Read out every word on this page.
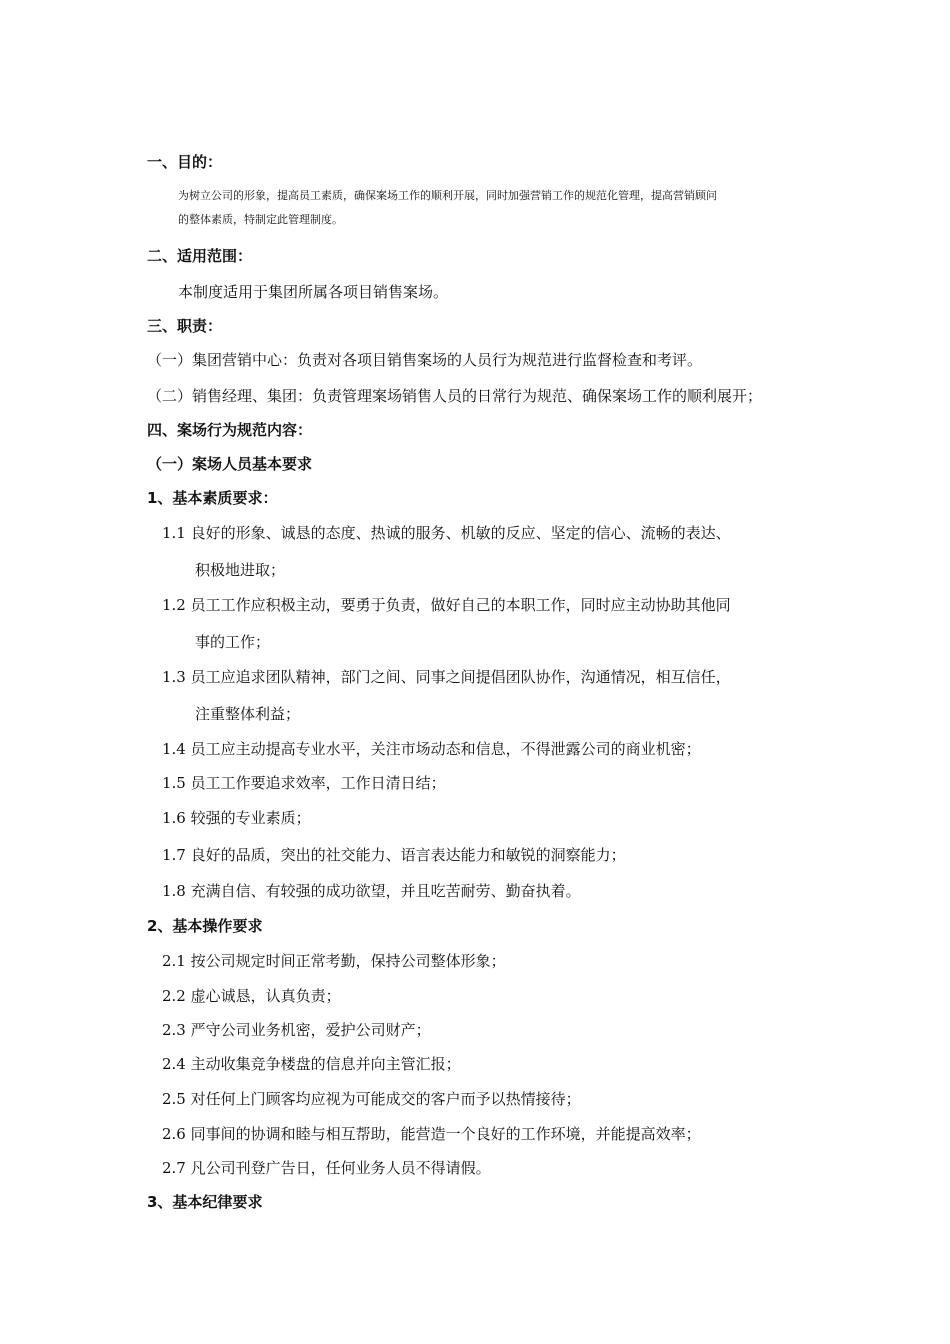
一、目的：
为树立公司的形象，提高员工素质，确保案场工作的顺利开展，同时加强营销工作的规范化管理，提高营销顾问
的整体素质，特制定此管理制度。
二、适用范围：
本制度适用于集团所属各项目销售案场。
三、职责：
（一）集团营销中心：负责对各项目销售案场的人员行为规范进行监督检查和考评。
（二）销售经理、集团：负责管理案场销售人员的日常行为规范、确保案场工作的顺利展开；
四、案场行为规范内容：
（一）案场人员基本要求
1、基本素质要求：
1.1 良好的形象、诚恳的态度、热诚的服务、机敏的反应、坚定的信心、流畅的表达、
积极地进取；
1.2 员工工作应积极主动，要勇于负责，做好自己的本职工作，同时应主动协助其他同
事的工作；
1.3 员工应追求团队精神，部门之间、同事之间提倡团队协作，沟通情况，相互信任，
注重整体利益；
1.4 员工应主动提高专业水平，关注市场动态和信息，不得泄露公司的商业机密；
1.5 员工工作要追求效率，工作日清日结；
1.6 较强的专业素质；
1.7 良好的品质，突出的社交能力、语言表达能力和敏锐的洞察能力；
1.8 充满自信、有较强的成功欲望，并且吃苦耐劳、勤奋执着。
2、基本操作要求
2.1 按公司规定时间正常考勤，保持公司整体形象；
2.2 虚心诚恳，认真负责；
2.3 严守公司业务机密，爱护公司财产；
2.4 主动收集竞争楼盘的信息并向主管汇报；
2.5 对任何上门顾客均应视为可能成交的客户而予以热情接待；
2.6 同事间的协调和睦与相互帮助，能营造一个良好的工作环境，并能提高效率；
2.7 凡公司刊登广告日，任何业务人员不得请假。
3、基本纪律要求
